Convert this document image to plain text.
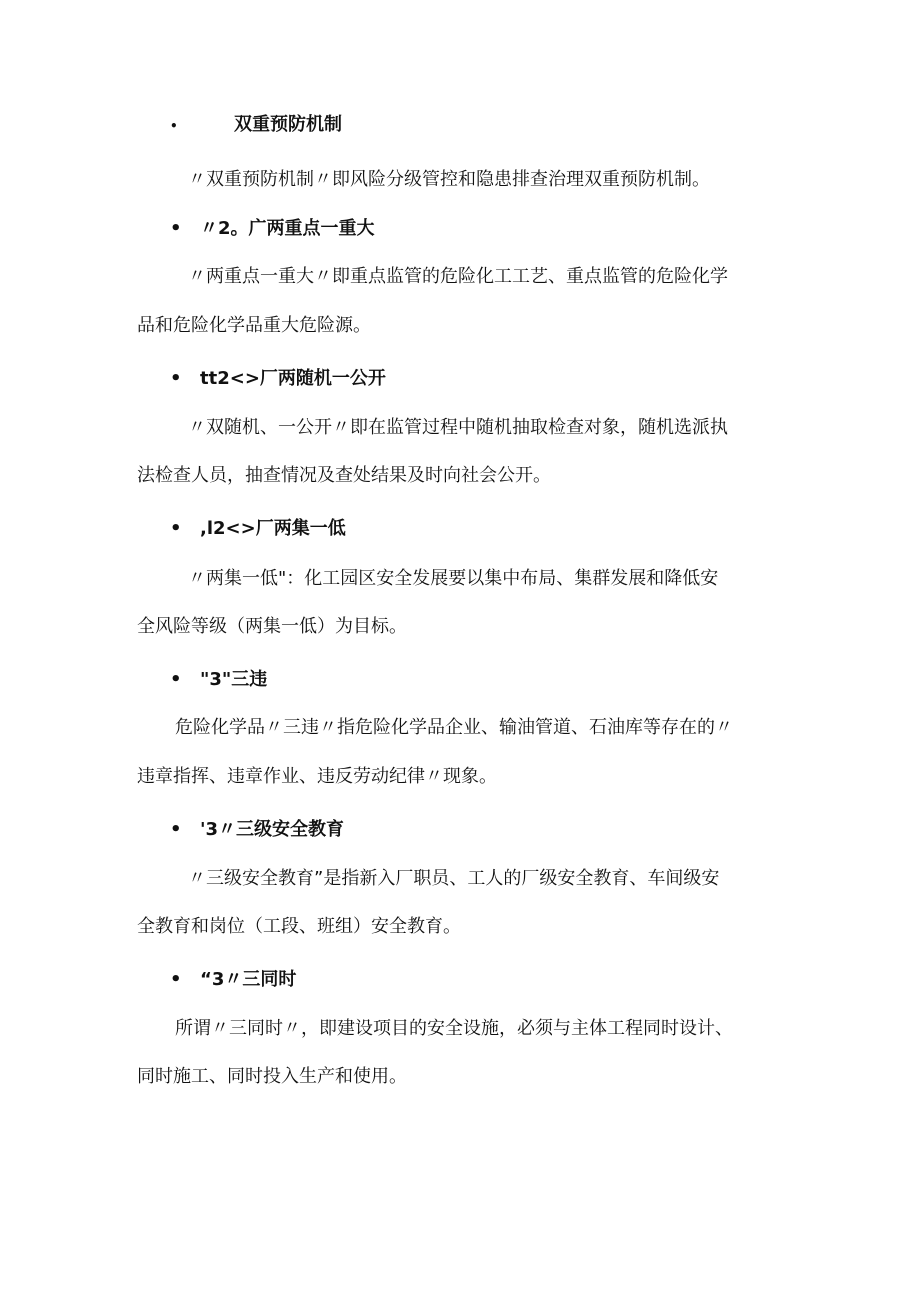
•	双重预防机制
〃双重预防机制〃即风险分级管控和隐患排查治理双重预防机制。
• 〃2。广两重点一重大
〃两重点一重大〃即重点监管的危险化工工艺、重点监管的危险化学
品和危险化学品重大危险源。
• tt2<>厂两随机一公开
〃双随机、一公开〃即在监管过程中随机抽取检查对象，随机选派执
法检查人员，抽查情况及查处结果及时向社会公开。
• ,l2<>厂两集一低
〃两集一低"：化工园区安全发展要以集中布局、集群发展和降低安
全风险等级（两集一低）为目标。
• "3"三违
危险化学品〃三违〃指危险化学品企业、输油管道、石油库等存在的〃
违章指挥、违章作业、违反劳动纪律〃现象。
• '3〃三级安全教育
〃三级安全教育”是指新入厂职员、工人的厂级安全教育、车间级安
全教育和岗位（工段、班组）安全教育。
• “3〃三同时
所谓〃三同时〃，即建设项目的安全设施，必须与主体工程同时设计、
同时施工、同时投入生产和使用。
